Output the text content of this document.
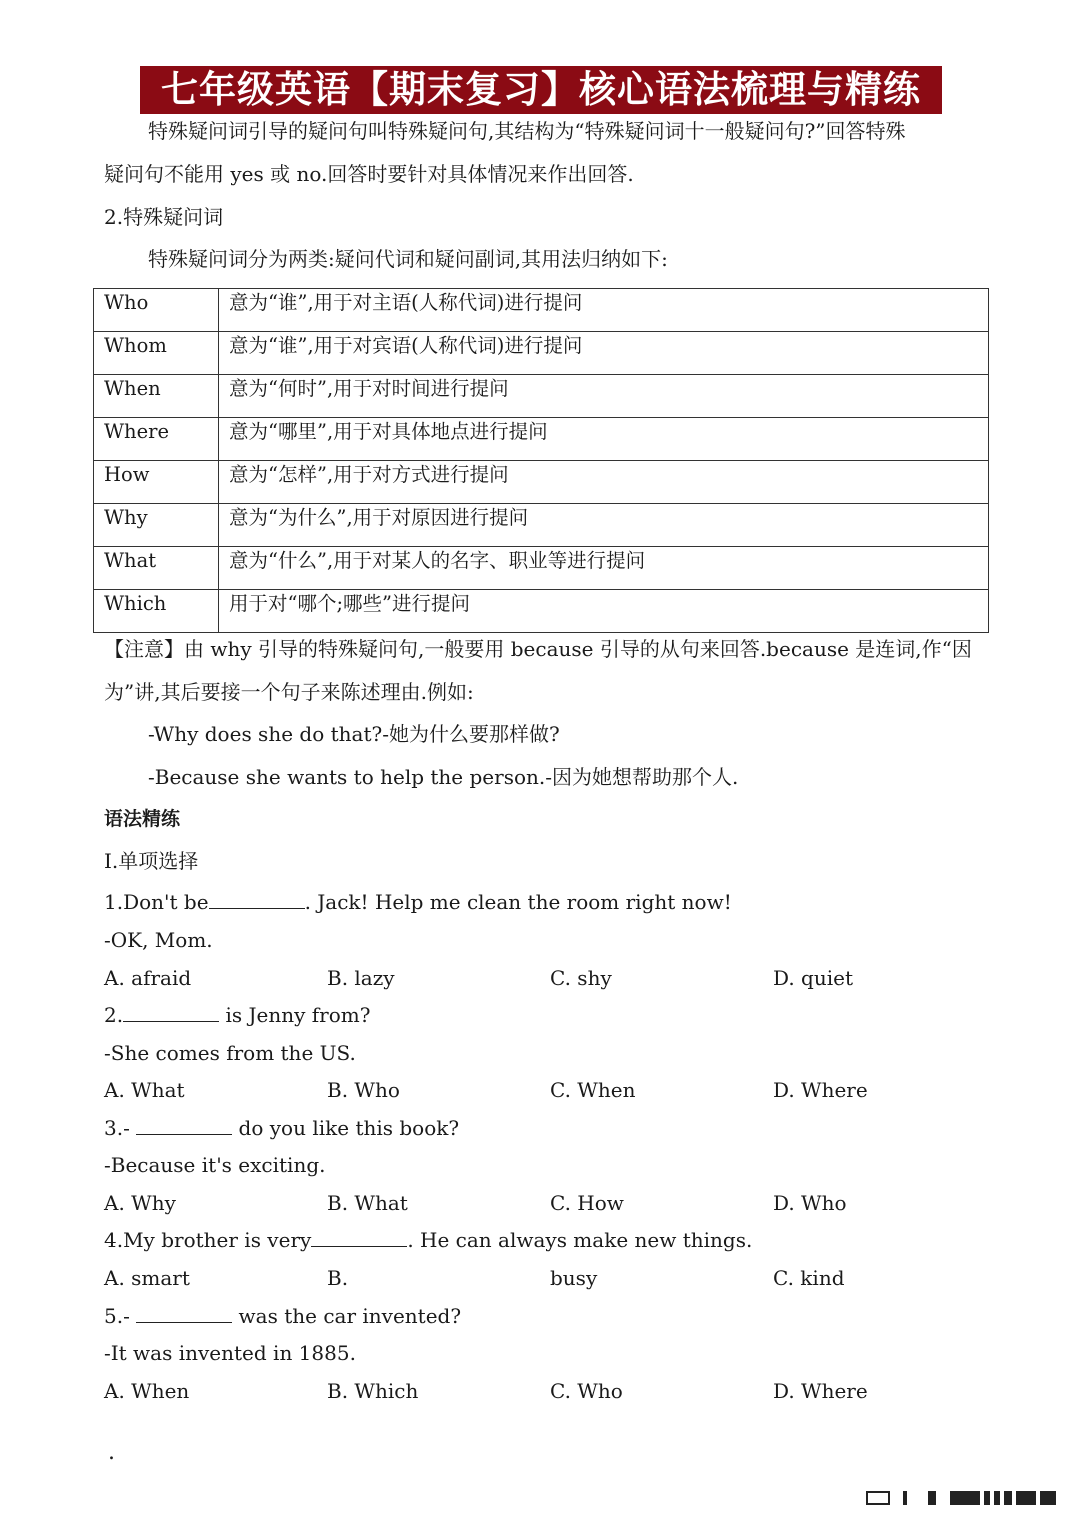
七年级英语【期末复习】核心语法梳理与精练
特殊疑问词引导的疑问句叫特殊疑问句,其结构为“特殊疑问词十一般疑问句?”回答特殊
疑问句不能用 yes 或 no.回答时要针对具体情况来作出回答.
2.特殊疑问词
特殊疑问词分为两类:疑问代词和疑问副词,其用法归纳如下:
Who	意为“谁”,用于对主语(人称代词)进行提问
Whom	意为“谁”,用于对宾语(人称代词)进行提问
When	意为“何时”,用于对时间进行提问
Where	意为“哪里”,用于对具体地点进行提问
How	意为“怎样”,用于对方式进行提问
Why	意为“为什么”,用于对原因进行提问
What	意为“什么”,用于对某人的名字、职业等进行提问
Which	用于对“哪个;哪些”进行提问
【注意】由 why 引导的特殊疑问句,一般要用 because 引导的从句来回答.because 是连词,作“因
为”讲,其后要接一个句子来陈述理由.例如:
-Why does she do that?-她为什么要那样做?
-Because she wants to help the person.-因为她想帮助那个人.
语法精练
I.单项选择
1.Don't be	. Jack! Help me clean the room right now!
-OK, Mom.
A. afraid	B. lazy	C. shy	D. quiet
2.	is Jenny from?
-She comes from the US.
A. What	B. Who	C. When	D. Where
3.-	do you like this book?
-Because it's exciting.
A. Why	B. What	C. How	D. Who
4.My brother is very	. He can always make new things.
A. smart	B.	busy	C. kind
5.-	was the car invented?
-It was invented in 1885.
A. When	B. Which	C. Who	D. Where
.
